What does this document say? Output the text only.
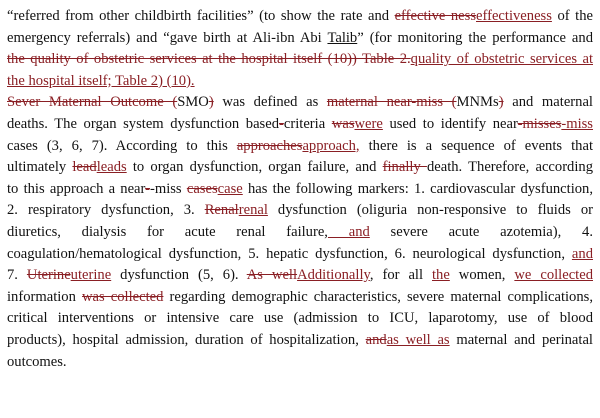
“referred from other childbirth facilities” (to show the rate and effective nesseffectiveness of the
emergency referrals) and “gave birth at Ali-ibn Abi Talib” (for monitoring the performance and
the quality of obstetric services at the hospital itself (10)) Table 2.quality of obstetric services at
the hospital itself; Table 2) (10).
Sever Maternal Outcome (SMO) was defined as maternal near-miss (MNMs) and maternal
deaths. The organ system dysfunction based-criteria waswere used to identify near-misses-miss
cases (3, 6, 7). According to this approachesapproach, there is a sequence of events that
ultimately leadleads to organ dysfunction, organ failure, and finally death. Therefore, according
to this approach a near--miss casescase has the following markers: 1. cardiovascular dysfunction,
2. respiratory dysfunction, 3. Renalrenal dysfunction (oliguria non-responsive to fluids or
diuretics, dialysis for acute renal failure, and severe acute azotemia), 4.
coagulation/hematological dysfunction, 5. hepatic dysfunction, 6. neurological dysfunction, and
7. Uterineuterine dysfunction (5, 6). As wellAdditionally, for all the women, we collected
information was collected regarding demographic characteristics, severe maternal complications,
critical interventions or intensive care use (admission to ICU, laparotomy, use of blood
products), hospital admission, duration of hospitalization, andas well as maternal and perinatal
outcomes.
